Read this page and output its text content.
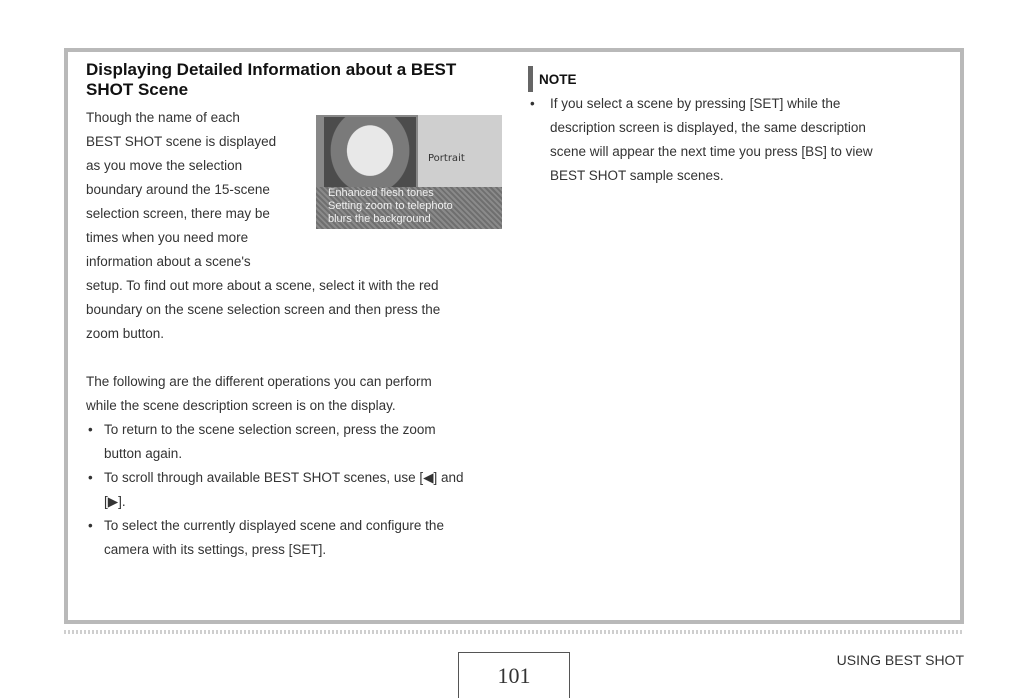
Displaying Detailed Information about a BEST SHOT Scene

Though the name of each

BEST SHOT scene is displayed

as you move the selection

boundary around the 15-scene

selection screen, there may be

times when you need more

information about a scene's

setup. To find out more about a scene, select it with the red

boundary on the scene selection screen and then press the

zoom button.

The following are the different operations you can perform

while the scene description screen is on the display.

• To return to the scene selection screen, press the zoom
button again.
• To scroll through available BEST SHOT scenes, use [◀] and
[▶].
• To select the currently displayed scene and configure the
camera with its settings, press [SET].
Portrait
Enhanced flesh tones
Setting zoom to telephoto
blurs the background
NOTE
• If you select a scene by pressing [SET] while the
description screen is displayed, the same description
scene will appear the next time you press [BS] to view
BEST SHOT sample scenes.
101
USING BEST SHOT
